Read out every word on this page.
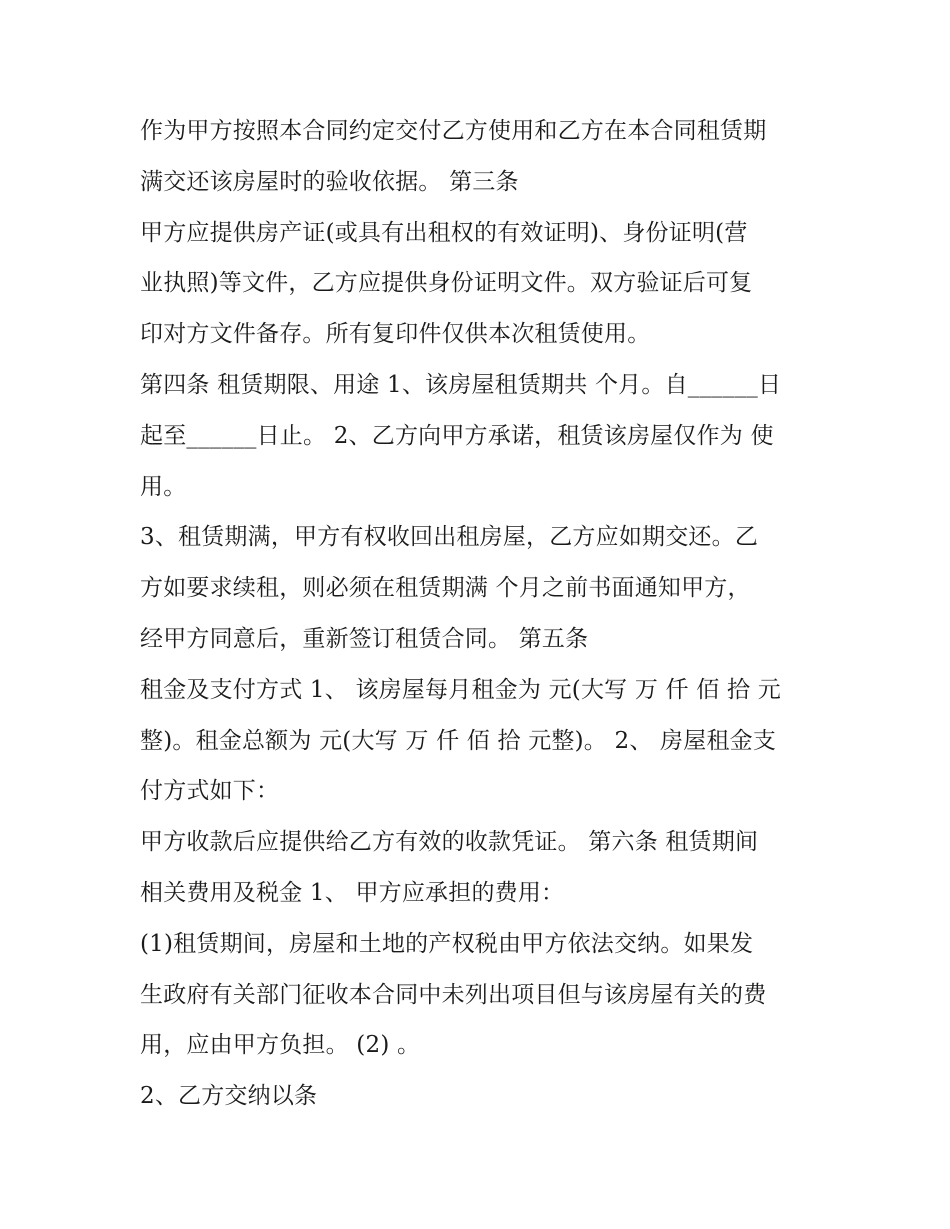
作为甲方按照本合同约定交付乙方使用和乙方在本合同租赁期
满交还该房屋时的验收依据。 第三条
甲方应提供房产证(或具有出租权的有效证明)、身份证明(营
业执照)等文件，乙方应提供身份证明文件。双方验证后可复
印对方文件备存。所有复印件仅供本次租赁使用。
第四条 租赁期限、用途 1、该房屋租赁期共 个月。自______日
起至______日止。 2、乙方向甲方承诺，租赁该房屋仅作为 使
用。
3、租赁期满，甲方有权收回出租房屋，乙方应如期交还。乙
方如要求续租，则必须在租赁期满 个月之前书面通知甲方，
经甲方同意后，重新签订租赁合同。 第五条
租金及支付方式 1、 该房屋每月租金为 元(大写 万 仟 佰 拾 元
整)。租金总额为 元(大写 万 仟 佰 拾 元整)。 2、 房屋租金支
付方式如下：
甲方收款后应提供给乙方有效的收款凭证。 第六条 租赁期间
相关费用及税金 1、 甲方应承担的费用：
(1)租赁期间，房屋和土地的产权税由甲方依法交纳。如果发
生政府有关部门征收本合同中未列出项目但与该房屋有关的费
用，应由甲方负担。 (2) 。
2、乙方交纳以条
